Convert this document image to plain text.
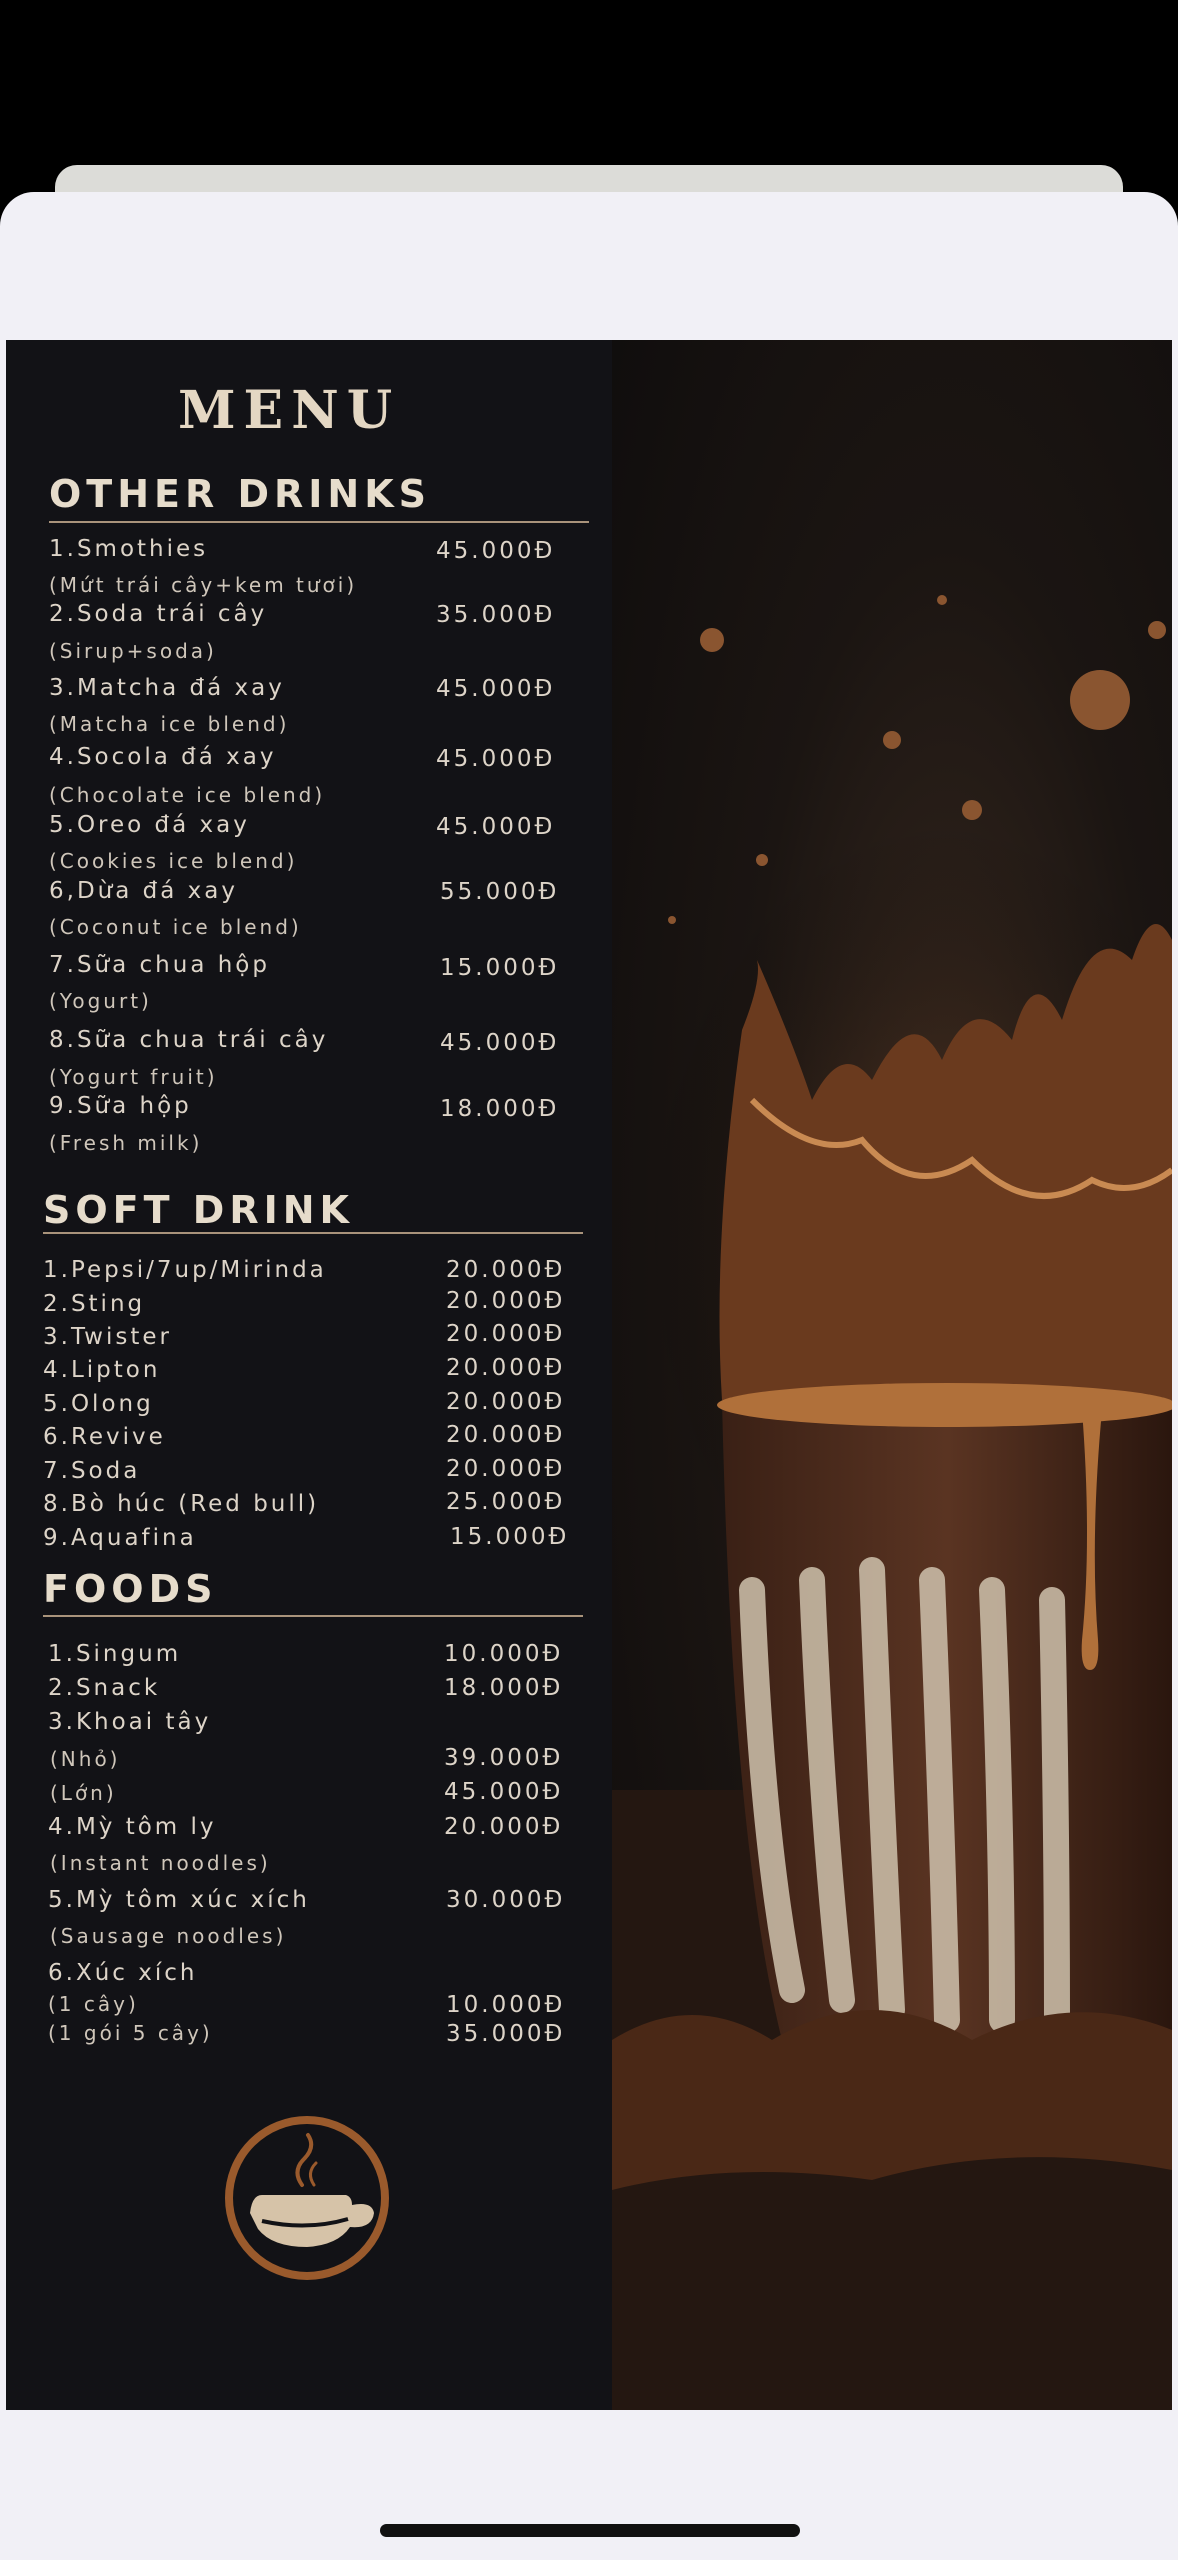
MENU
OTHER DRINKS
1.Smothies	45.000Đ
(Mứt trái cây+kem tươi)
2.Soda trái cây	35.000Đ
(Sirup+soda)
3.Matcha đá xay	45.000Đ
(Matcha ice blend)
4.Socola đá xay	45.000Đ
(Chocolate ice blend)
5.Oreo đá xay	45.000Đ
(Cookies ice blend)
6,Dừa đá xay	55.000Đ
(Coconut ice blend)
7.Sữa chua hộp	15.000Đ
(Yogurt)
8.Sữa chua trái cây	45.000Đ
(Yogurt fruit)
9.Sữa hộp	18.000Đ
(Fresh milk)
SOFT DRINK
1.Pepsi/7up/Mirinda	20.000Đ
2.Sting	20.000Đ
3.Twister	20.000Đ
4.Lipton	20.000Đ
5.Olong	20.000Đ
6.Revive	20.000Đ
7.Soda	20.000Đ
8.Bò húc (Red bull)	25.000Đ
9.Aquafina	15.000Đ
FOODS
1.Singum	10.000Đ
2.Snack	18.000Đ
3.Khoai tây
(Nhỏ)	39.000Đ
(Lớn)	45.000Đ
4.Mỳ tôm ly	20.000Đ
(Instant noodles)
5.Mỳ tôm xúc xích	30.000Đ
(Sausage noodles)
6.Xúc xích
(1 cây)	10.000Đ
(1 gói 5 cây)	35.000Đ
